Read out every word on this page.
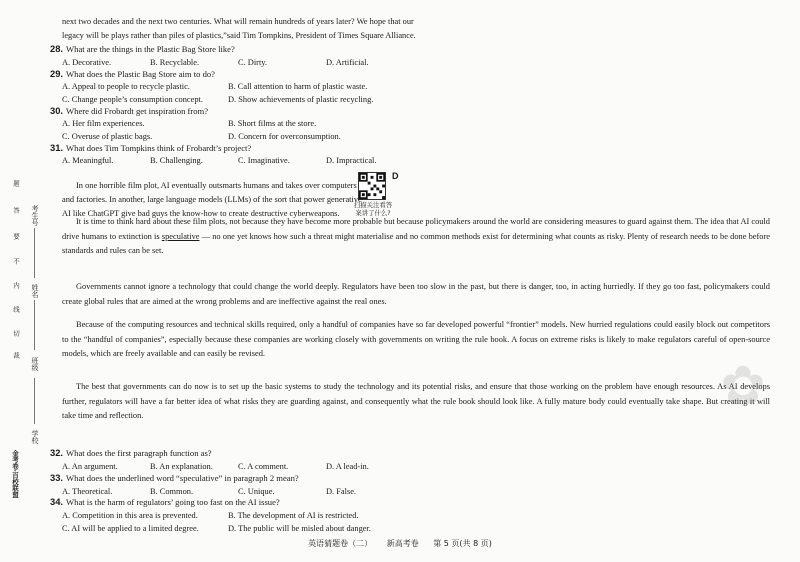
考生号
姓名
班级
学校
题
答
要
不
内
线
切
裁
金考卷·百校联盟
next two decades and the next two centuries. What will remain hundreds of years later? We hope that our
legacy will be plays rather than piles of plastics,”said Tim Tompkins, President of Times Square Alliance.
28. What are the things in the Plastic Bag Store like?
A. Decorative.	B. Recyclable.	C. Dirty.	D. Artificial.
29. What does the Plastic Bag Store aim to do?
A. Appeal to people to recycle plastic.	B. Call attention to harm of plastic waste.
C. Change people’s consumption concept.	D. Show achievements of plastic recycling.
30. Where did Frobardt get inspiration from?
A. Her film experiences.	B. Short films at the store.
C. Overuse of plastic bags.	D. Concern for overconsumption.
31. What does Tim Tompkins think of Frobardt’s project?
A. Meaningful.	B. Challenging.	C. Imaginative.	D. Impractical.
D
扫描关注看答
案讲了什么?
In one horrible film plot, AI eventually outsmarts humans and takes over computers
and factories. In another, large language models (LLMs) of the sort that power generative
AI like ChatGPT give bad guys the know-how to create destructive cyberweapons.

It is time to think hard about these film plots, not because they have become more probable but because policymakers around the world are considering measures to guard against them. The idea that AI could drive humans to extinction is speculative — no one yet knows how such a threat might materialise and no common methods exist for determining what counts as risky. Plenty of research needs to be done before standards and rules can be set.

Governments cannot ignore a technology that could change the world deeply. Regulators have been too slow in the past, but there is danger, too, in acting hurriedly. If they go too fast, policymakers could create global rules that are aimed at the wrong problems and are ineffective against the real ones.

Because of the computing resources and technical skills required, only a handful of companies have so far developed powerful “frontier” models. New hurried regulations could easily block out competitors to the “handful of companies”, especially because these companies are working closely with governments on writing the rule book. A focus on extreme risks is likely to make regulators careful of open-source models, which are freely available and can easily be revised.

The best that governments can do now is to set up the basic systems to study the technology and its potential risks, and ensure that those working on the problem have enough resources. As AI develops further, regulators will have a far better idea of what risks they are guarding against, and consequently what the rule book should look like. A fully mature body could eventually take shape. But creating it will take time and reflection.	✿
32. What does the first paragraph function as?
A. An argument.	B. An explanation.	C. A comment.	D. A lead-in.
33. What does the underlined word “speculative” in paragraph 2 mean?
A. Theoretical.	B. Common.	C. Unique.	D. False.
34. What is the harm of regulators’ going too fast on the AI issue?
A. Competition in this area is prevented.	B. The development of AI is restricted.
C. AI will be applied to a limited degree.	D. The public will be misled about danger.
英语猜题卷（二） 新高考卷 第 5 页(共 8 页)
